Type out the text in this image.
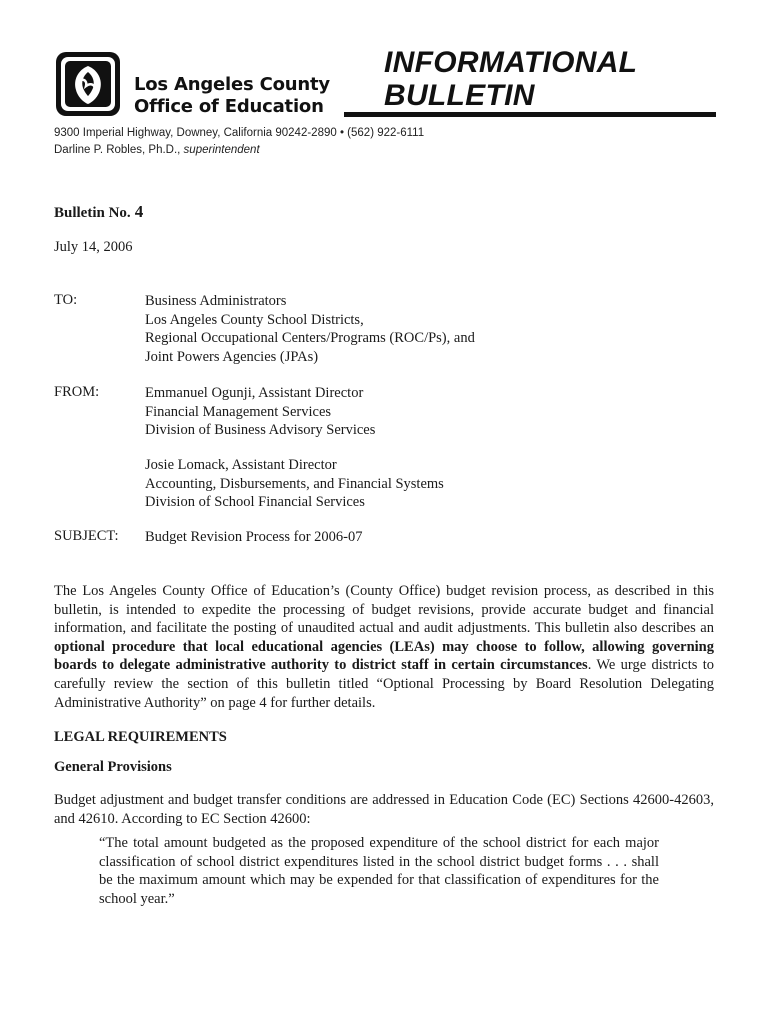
Los Angeles County
Office of Education
INFORMATIONAL
BULLETIN
9300 Imperial Highway, Downey, California 90242-2890 • (562) 922-6111
Darline P. Robles, Ph.D., superintendent
Bulletin No. 4
July 14, 2006
TO:	Business Administrators
Los Angeles County School Districts,
Regional Occupational Centers/Programs (ROC/Ps), and
Joint Powers Agencies (JPAs)
FROM:	Emmanuel Ogunji, Assistant Director
Financial Management Services
Division of Business Advisory Services
Josie Lomack, Assistant Director
Accounting, Disbursements, and Financial Systems
Division of School Financial Services
SUBJECT: Budget Revision Process for 2006-07
The Los Angeles County Office of Education’s (County Office) budget revision process, as described in this bulletin, is intended to expedite the processing of budget revisions, provide accurate budget and financial information, and facilitate the posting of unaudited actual and audit adjustments. This bulletin also describes an optional procedure that local educational agencies (LEAs) may choose to follow, allowing governing boards to delegate administrative authority to district staff in certain circumstances. We urge districts to carefully review the section of this bulletin titled “Optional Processing by Board Resolution Delegating Administrative Authority” on page 4 for further details.
LEGAL REQUIREMENTS
General Provisions
Budget adjustment and budget transfer conditions are addressed in Education Code (EC) Sections 42600-42603, and 42610. According to EC Section 42600:
“The total amount budgeted as the proposed expenditure of the school district for each major classification of school district expenditures listed in the school district budget forms . . . shall be the maximum amount which may be expended for that classification of expenditures for the school year.”
